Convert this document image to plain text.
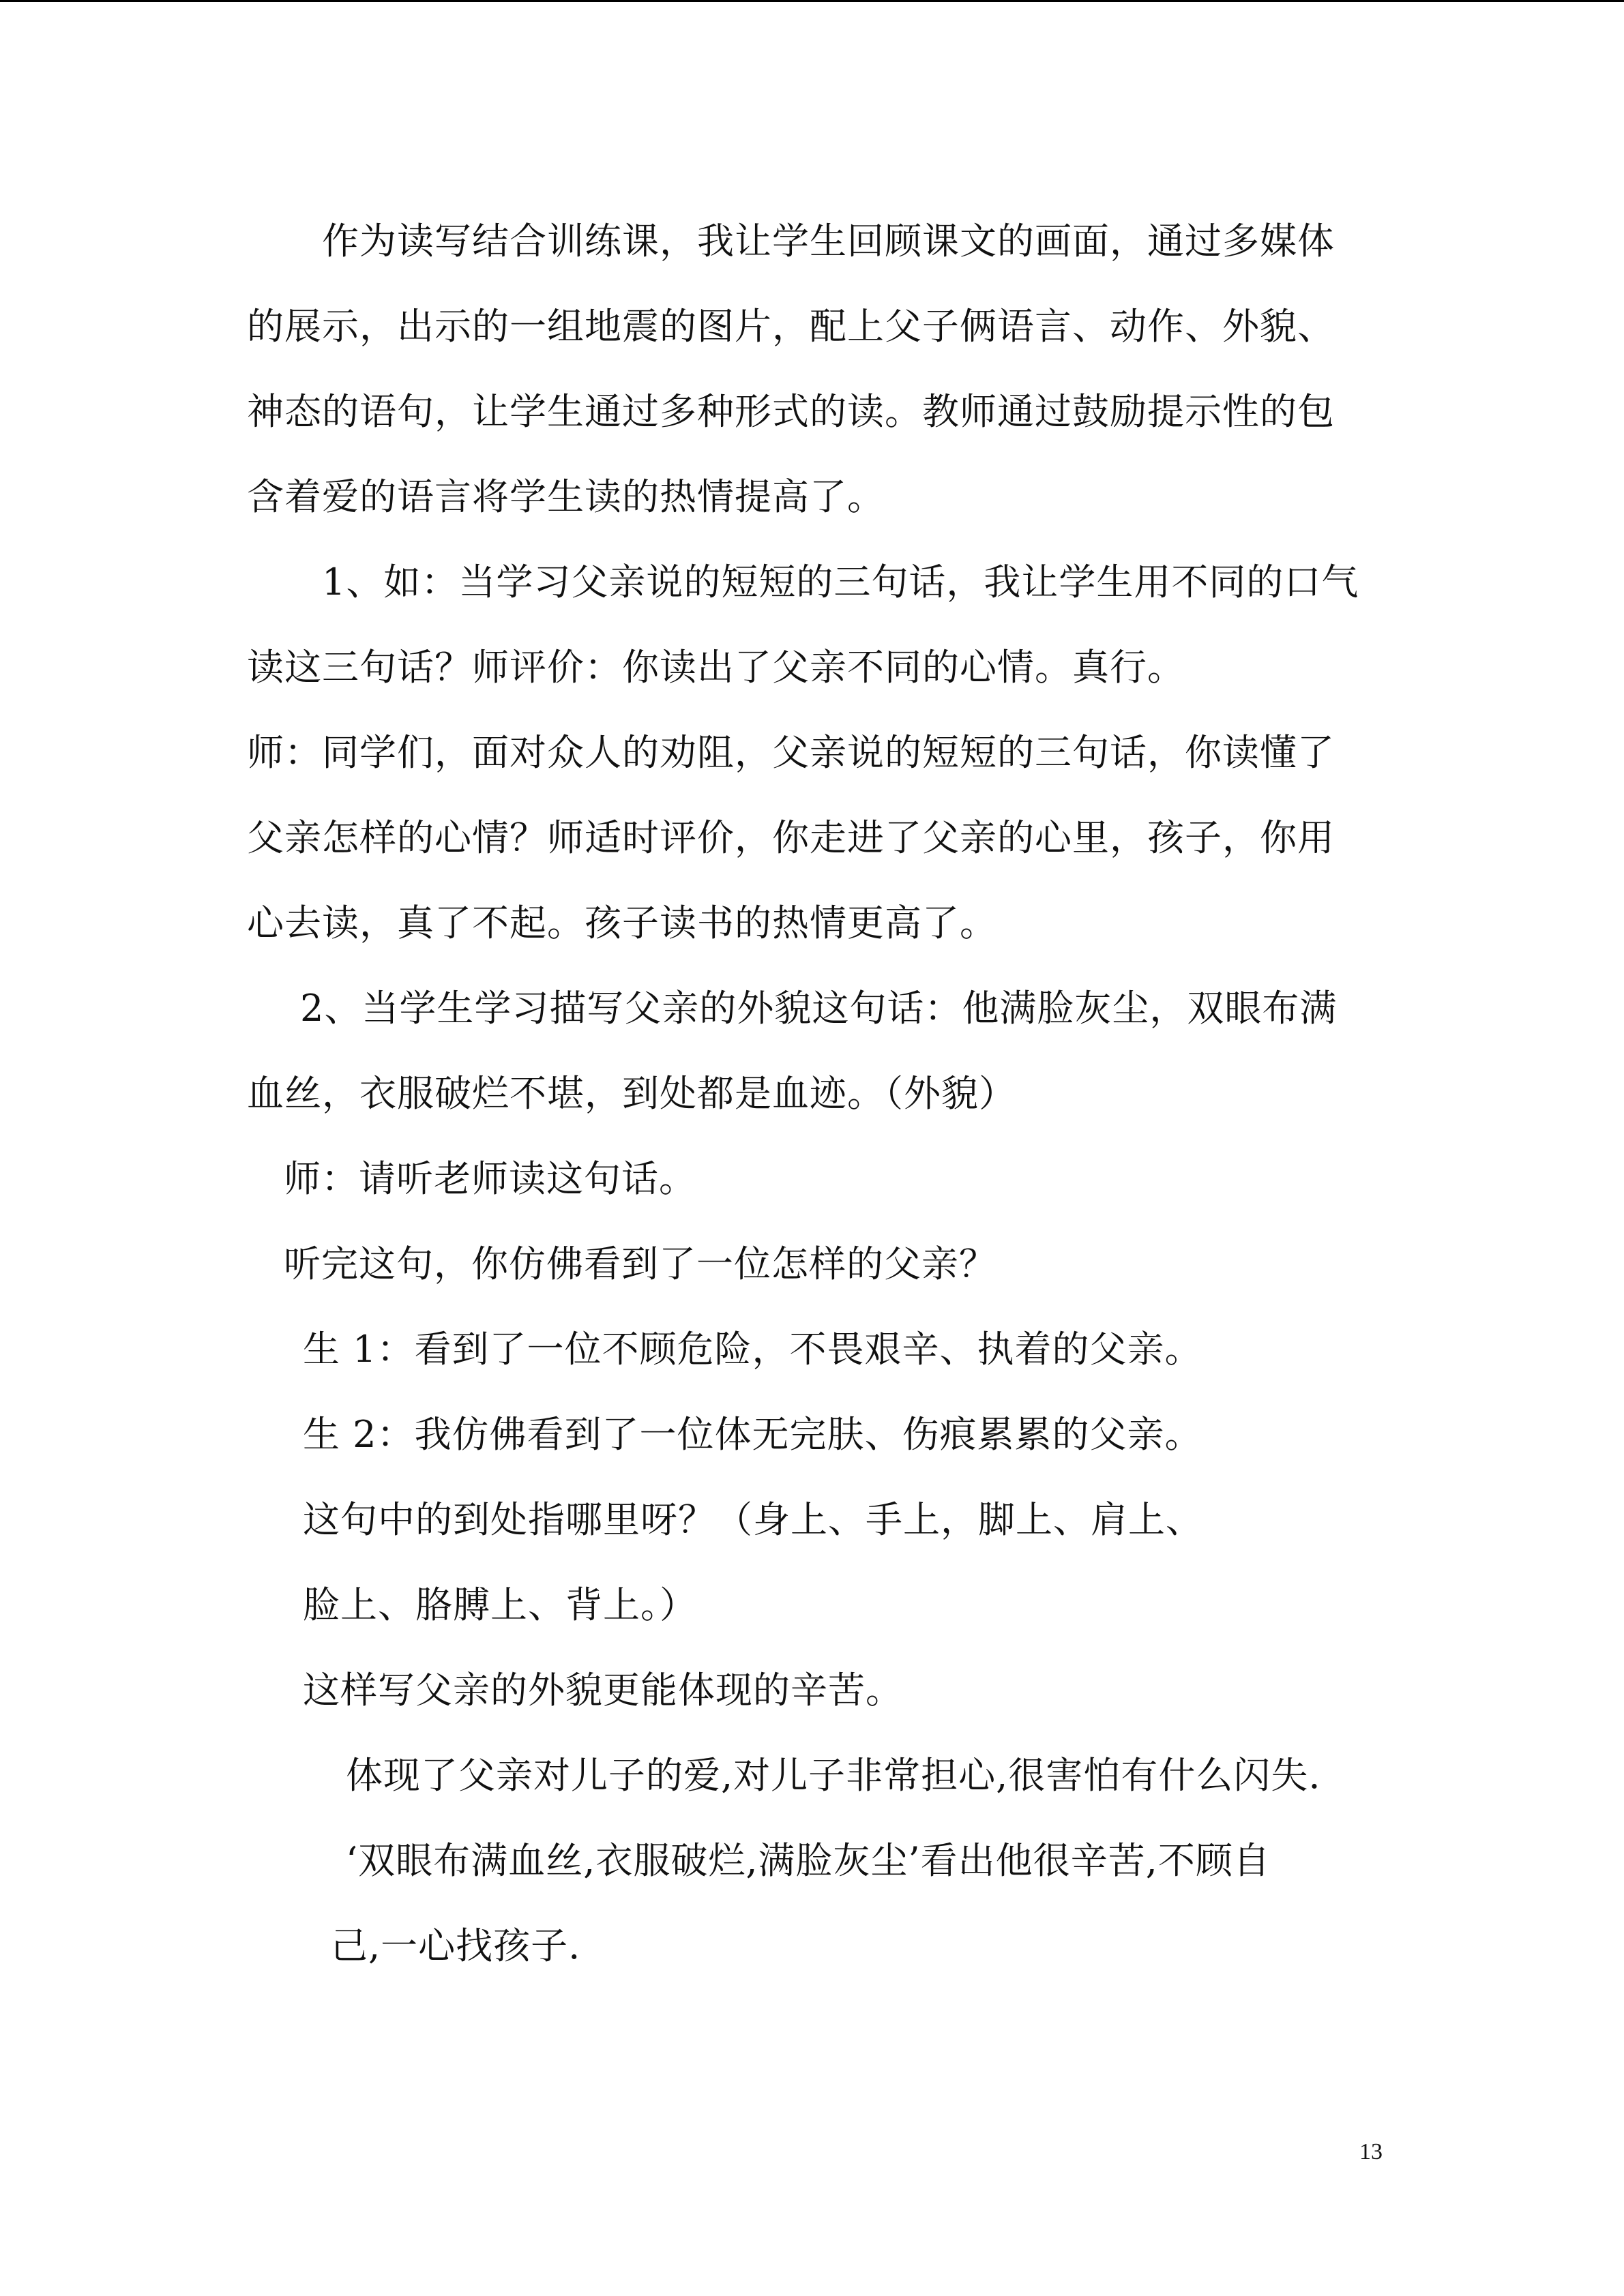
作为读写结合训练课，我让学生回顾课文的画面，通过多媒体
的展示，出示的一组地震的图片，配上父子俩语言、动作、外貌、
神态的语句，让学生通过多种形式的读。教师通过鼓励提示性的包
含着爱的语言将学生读的热情提高了。
1、如：当学习父亲说的短短的三句话，我让学生用不同的口气
读这三句话？师评价：你读出了父亲不同的心情。真行。
师：同学们，面对众人的劝阻，父亲说的短短的三句话，你读懂了
父亲怎样的心情？师适时评价，你走进了父亲的心里，孩子，你用
心去读，真了不起。孩子读书的热情更高了。
2、当学生学习描写父亲的外貌这句话：他满脸灰尘，双眼布满
血丝，衣服破烂不堪，到处都是血迹。（外貌）
师：请听老师读这句话。
听完这句，你仿佛看到了一位怎样的父亲？
生 1：看到了一位不顾危险，不畏艰辛、执着的父亲。
生 2：我仿佛看到了一位体无完肤、伤痕累累的父亲。
这句中的到处指哪里呀？（身上、手上，脚上、肩上、
脸上、胳膊上、背上。）
这样写父亲的外貌更能体现的辛苦。
体现了父亲对儿子的爱,对儿子非常担心,很害怕有什么闪失.
‘双眼布满血丝,衣服破烂,满脸灰尘’看出他很辛苦,不顾自
己,一心找孩子.
13
